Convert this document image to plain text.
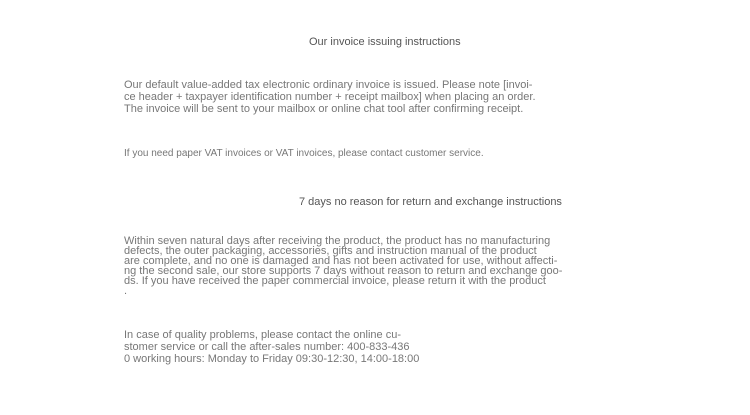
Our invoice issuing instructions
Our default value-added tax electronic ordinary invoice is issued. Please note [invoi-
ce header + taxpayer identification number + receipt mailbox] when placing an order.
The invoice will be sent to your mailbox or online chat tool after confirming receipt.
If you need paper VAT invoices or VAT invoices, please contact customer service.
7 days no reason for return and exchange instructions
Within seven natural days after receiving the product, the product has no manufacturing
defects, the outer packaging, accessories, gifts and instruction manual of the product
are complete, and no one is damaged and has not been activated for use, without affecti-
ng the second sale, our store supports 7 days without reason to return and exchange goo-
ds. If you have received the paper commercial invoice, please return it with the product
.
In case of quality problems, please contact the online cu-
stomer service or call the after-sales number: 400-833-436
0 working hours: Monday to Friday 09:30-12:30, 14:00-18:00
